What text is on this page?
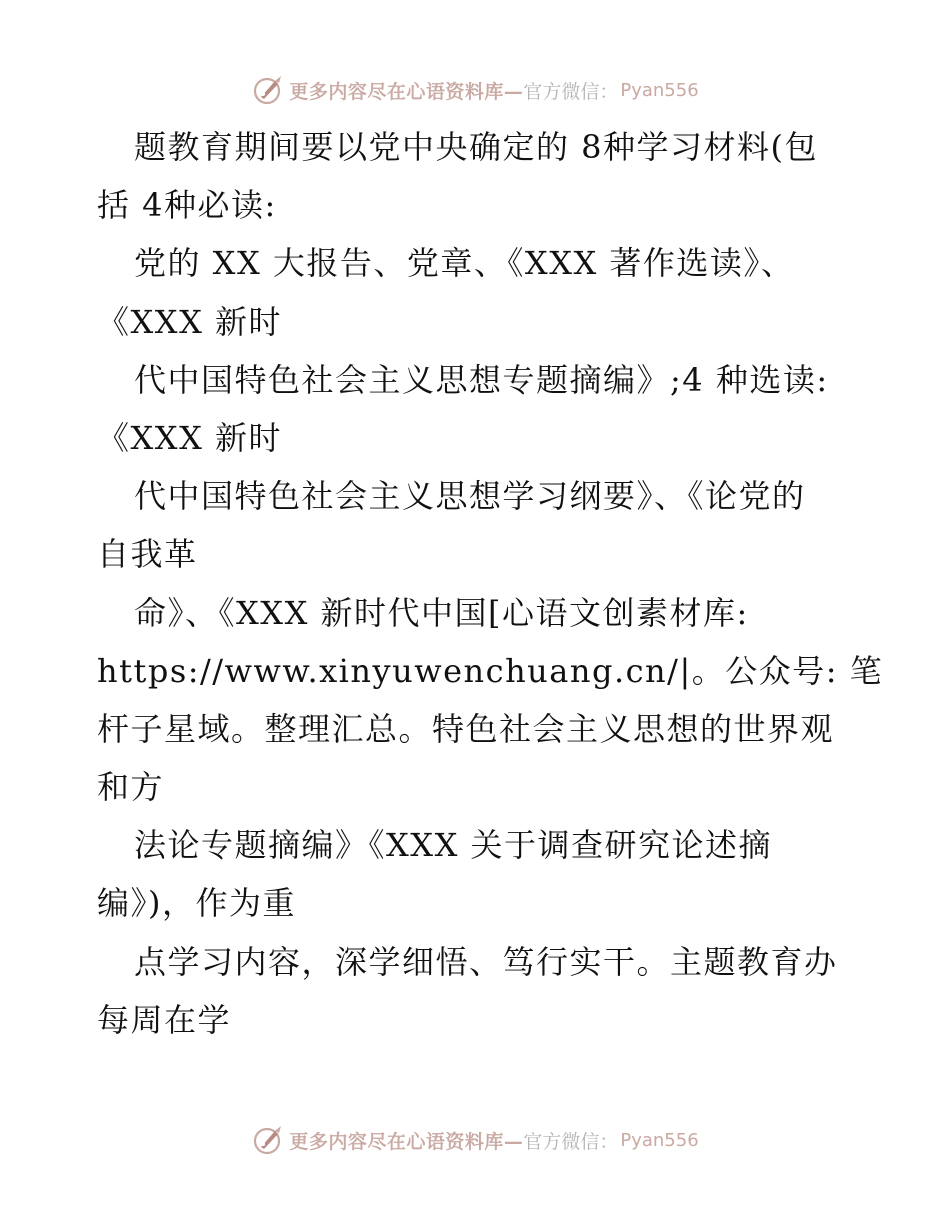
更多内容尽在心语资料库— 官方微信： Pyan556
题教育期间要以党中央确定的 8种学习材料(包
括 4种必读:
党的 XX 大报告、党章、《XXX 著作选读》、
《XXX 新时
代中国特色社会主义思想专题摘编》;4 种选读:
《XXX 新时
代中国特色社会主义思想学习纲要》、《论党的
自我革
命》、《XXX 新时代中国[心语文创素材库:
https://www.xinyuwenchuang.cn/|。公众号: 笔
杆子星域。整理汇总。特色社会主义思想的世界观
和方
法论专题摘编》《XXX 关于调查研究论述摘
编》)，作为重
点学习内容，深学细悟、笃行实干。主题教育办
每周在学
更多内容尽在心语资料库— 官方微信： Pyan556
